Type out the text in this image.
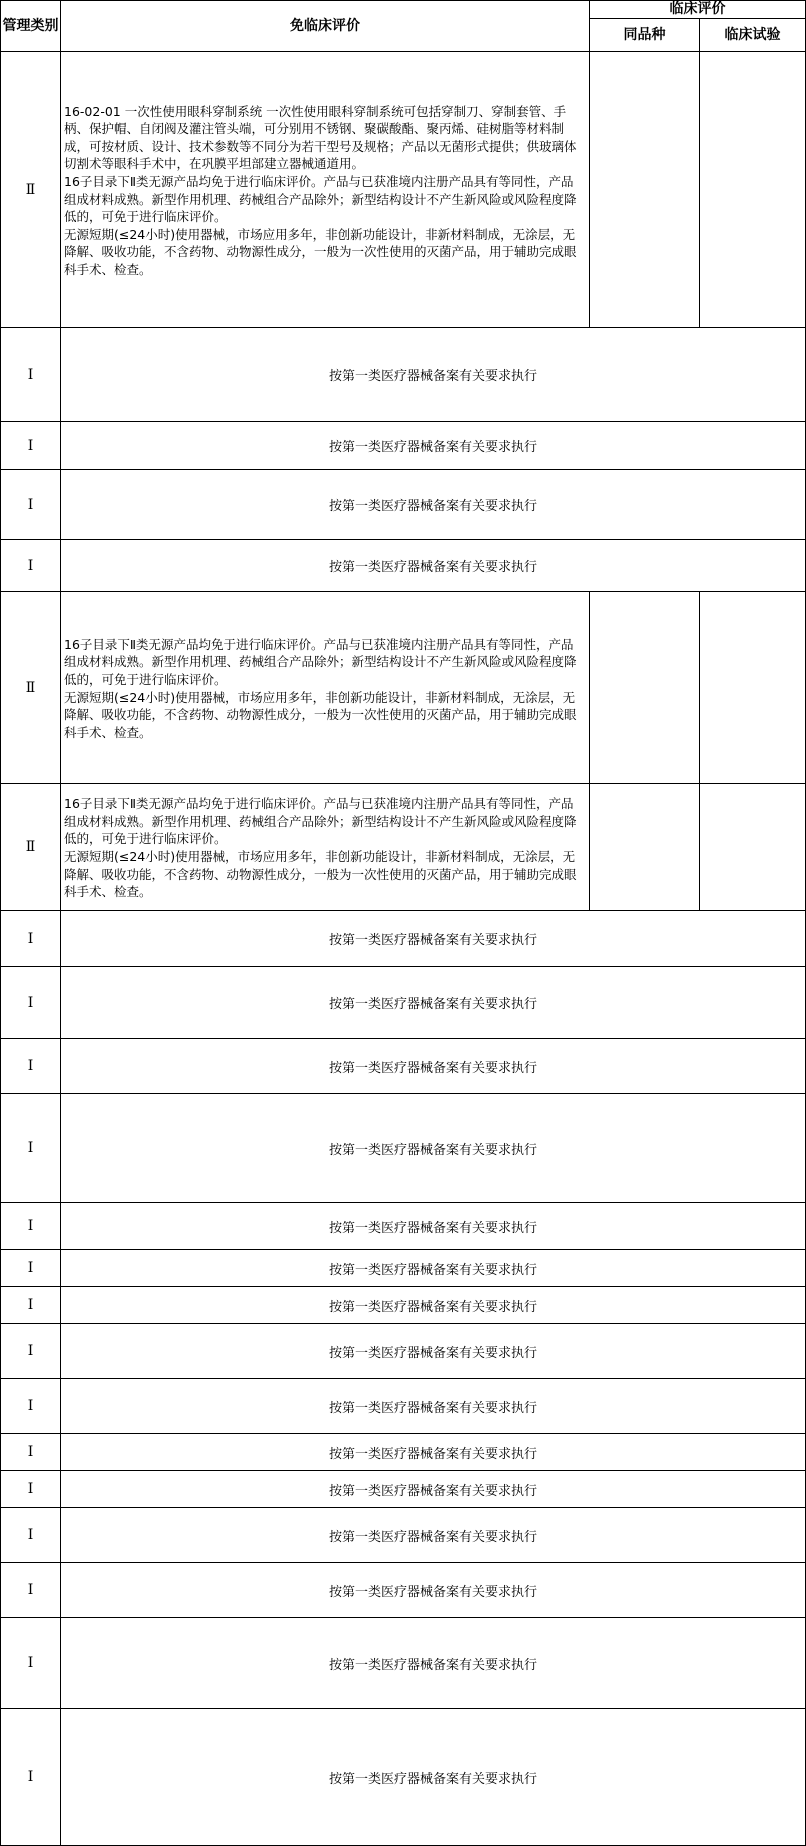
管理类别	免临床评价	临床评价	
		同品种	临床试验
Ⅱ	16-02-01 一次性使用眼科穿制系统 一次性使用眼科穿制系统可包括穿制刀、穿制套管、手柄、保护帽、自闭阀及灌注管头端，可分别用不锈钢、聚碳酸酯、聚丙烯、硅树脂等材料制成，可按材质、设计、技术参数等不同分为若干型号及规格；产品以无菌形式提供；供玻璃体切割术等眼科手术中，在巩膜平坦部建立器械通道用。

16子目录下Ⅱ类无源产品均免于进行临床评价。产品与已获准境内注册产品具有等同性，产品组成材料成熟。新型作用机理、药械组合产品除外；新型结构设计不产生新风险或风险程度降低的，可免于进行临床评价。

无源短期(≤24小时)使用器械，市场应用多年，非创新功能设计，非新材料制成，无涂层，无降解、吸收功能，不含药物、动物源性成分，一般为一次性使用的灭菌产品，用于辅助完成眼科手术、检查。		

Ⅰ	按第一类医疗器械备案有关要求执行		
Ⅰ	按第一类医疗器械备案有关要求执行		
Ⅰ	按第一类医疗器械备案有关要求执行		
Ⅰ	按第一类医疗器械备案有关要求执行		
Ⅱ	16子目录下Ⅱ类无源产品均免于进行临床评价。产品与已获准境内注册产品具有等同性，产品组成材料成熟。新型作用机理、药械组合产品除外；新型结构设计不产生新风险或风险程度降低的，可免于进行临床评价。

无源短期(≤24小时)使用器械，市场应用多年，非创新功能设计，非新材料制成，无涂层，无降解、吸收功能，不含药物、动物源性成分，一般为一次性使用的灭菌产品，用于辅助完成眼科手术、检查。		

Ⅱ	16子目录下Ⅱ类无源产品均免于进行临床评价。产品与已获准境内注册产品具有等同性，产品组成材料成熟。新型作用机理、药械组合产品除外；新型结构设计不产生新风险或风险程度降低的，可免于进行临床评价。

无源短期(≤24小时)使用器械，市场应用多年，非创新功能设计，非新材料制成，无涂层，无降解、吸收功能，不含药物、动物源性成分，一般为一次性使用的灭菌产品，用于辅助完成眼科手术、检查。		

Ⅰ	按第一类医疗器械备案有关要求执行		
Ⅰ	按第一类医疗器械备案有关要求执行		
Ⅰ	按第一类医疗器械备案有关要求执行		
Ⅰ	按第一类医疗器械备案有关要求执行		
Ⅰ	按第一类医疗器械备案有关要求执行		
Ⅰ	按第一类医疗器械备案有关要求执行		
Ⅰ	按第一类医疗器械备案有关要求执行		
Ⅰ	按第一类医疗器械备案有关要求执行		
Ⅰ	按第一类医疗器械备案有关要求执行		
Ⅰ	按第一类医疗器械备案有关要求执行		
Ⅰ	按第一类医疗器械备案有关要求执行		
Ⅰ	按第一类医疗器械备案有关要求执行		
Ⅰ	按第一类医疗器械备案有关要求执行		
Ⅰ	按第一类医疗器械备案有关要求执行		
Ⅰ	按第一类医疗器械备案有关要求执行		
